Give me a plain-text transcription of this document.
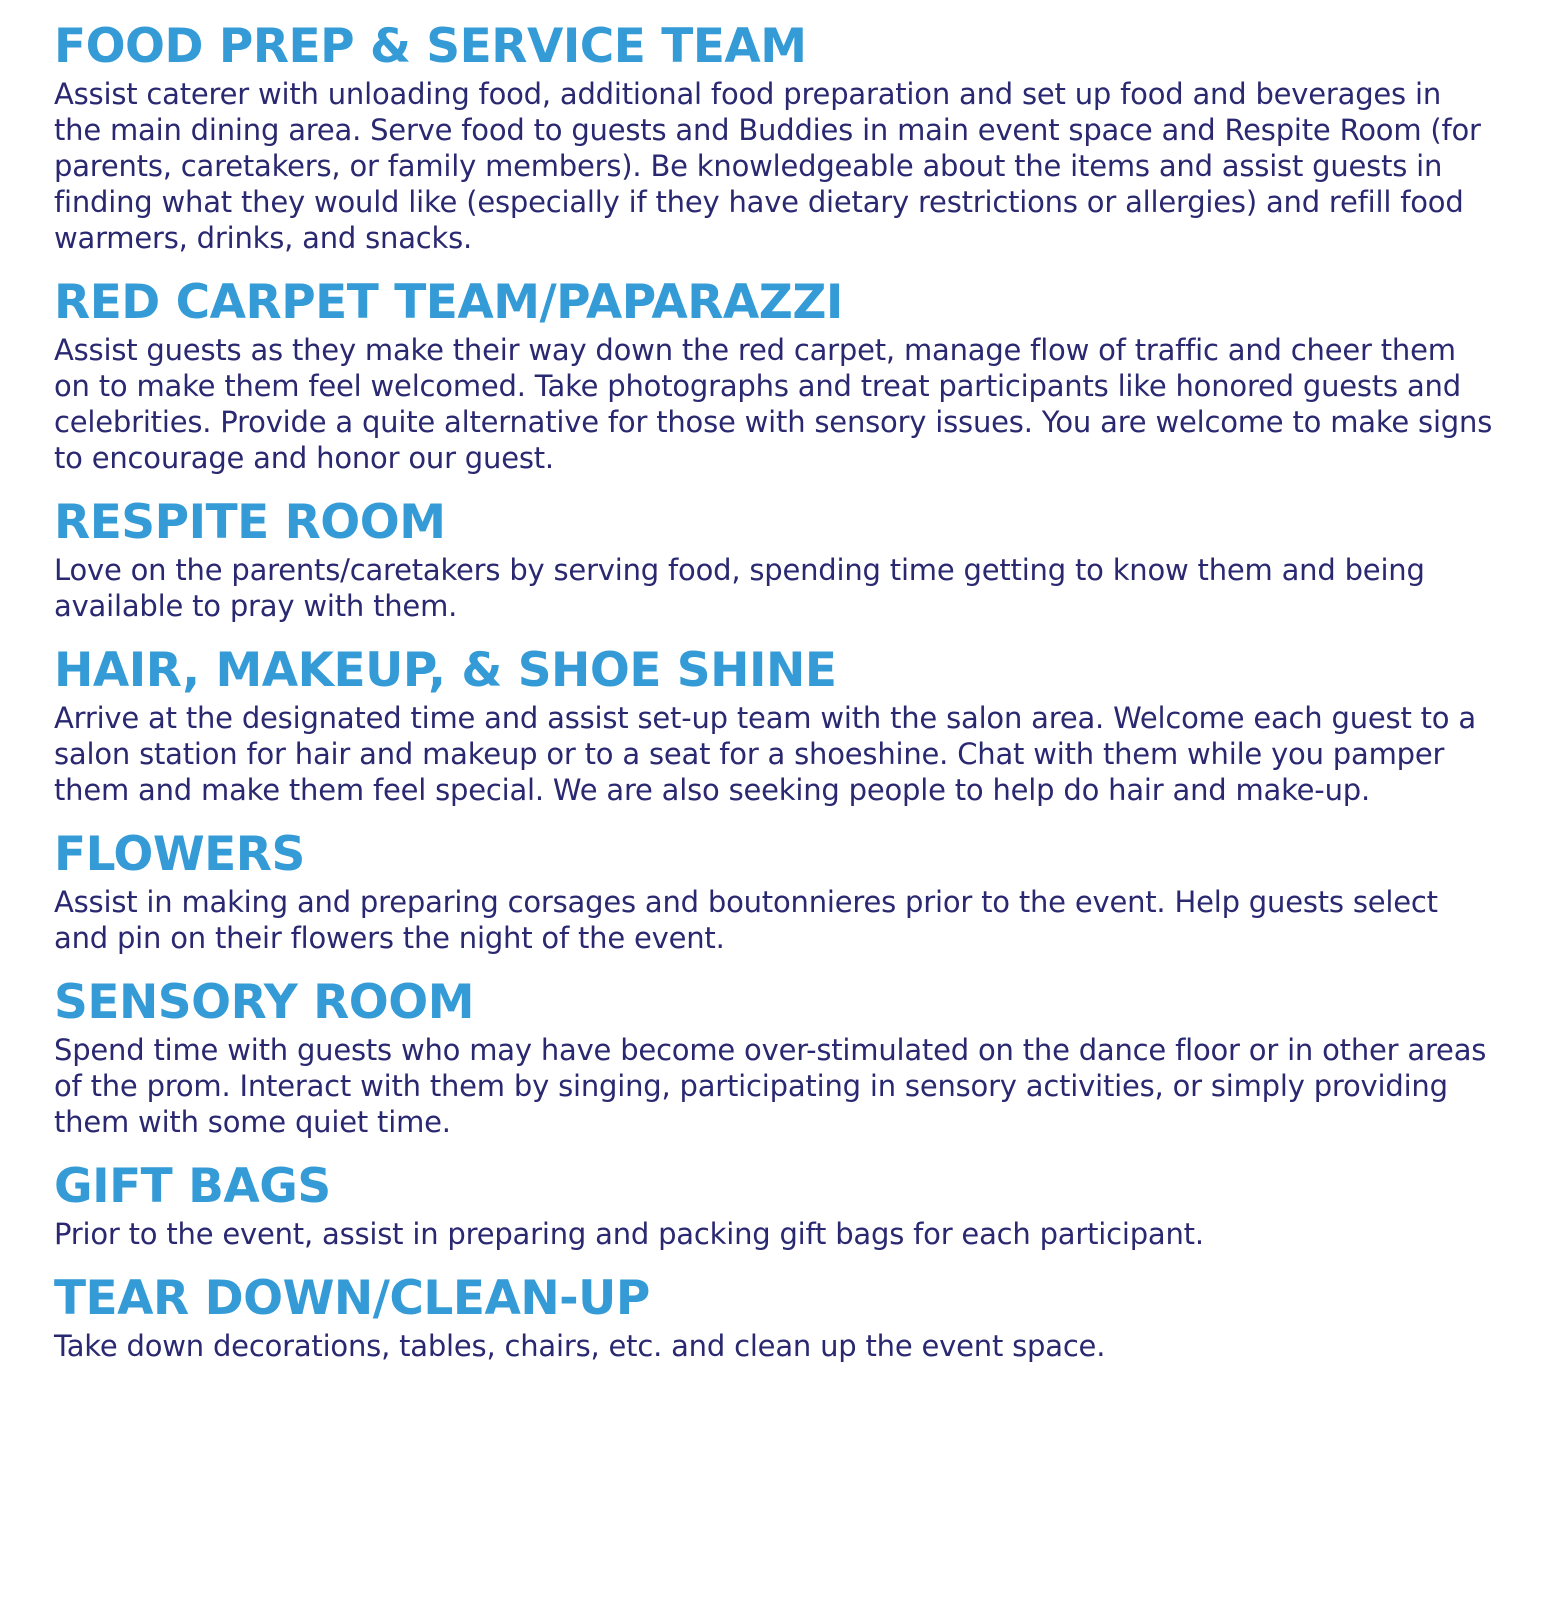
FOOD PREP & SERVICE TEAM

Assist caterer with unloading food, additional food preparation and set up food and beverages in the main dining area. Serve food to guests and Buddies in main event space and Respite Room (for parents, caretakers, or family members). Be knowledgeable about the items and assist guests in finding what they would like (especially if they have dietary restrictions or allergies) and refill food warmers, drinks, and snacks.

RED CARPET TEAM/PAPARAZZI

Assist guests as they make their way down the red carpet, manage flow of traffic and cheer them on to make them feel welcomed. Take photographs and treat participants like honored guests and celebrities. Provide a quite alternative for those with sensory issues. You are welcome to make signs to encourage and honor our guest.

RESPITE ROOM

Love on the parents/caretakers by serving food, spending time getting to know them and being available to pray with them.

HAIR, MAKEUP, & SHOE SHINE

Arrive at the designated time and assist set-up team with the salon area. Welcome each guest to a salon station for hair and makeup or to a seat for a shoeshine. Chat with them while you pamper them and make them feel special. We are also seeking people to help do hair and make-up.

FLOWERS

Assist in making and preparing corsages and boutonnieres prior to the event. Help guests select and pin on their flowers the night of the event.

SENSORY ROOM

Spend time with guests who may have become over-stimulated on the dance floor or in other areas of the prom. Interact with them by singing, participating in sensory activities, or simply providing them with some quiet time.

GIFT BAGS

Prior to the event, assist in preparing and packing gift bags for each participant.

TEAR DOWN/CLEAN-UP

Take down decorations, tables, chairs, etc. and clean up the event space.
